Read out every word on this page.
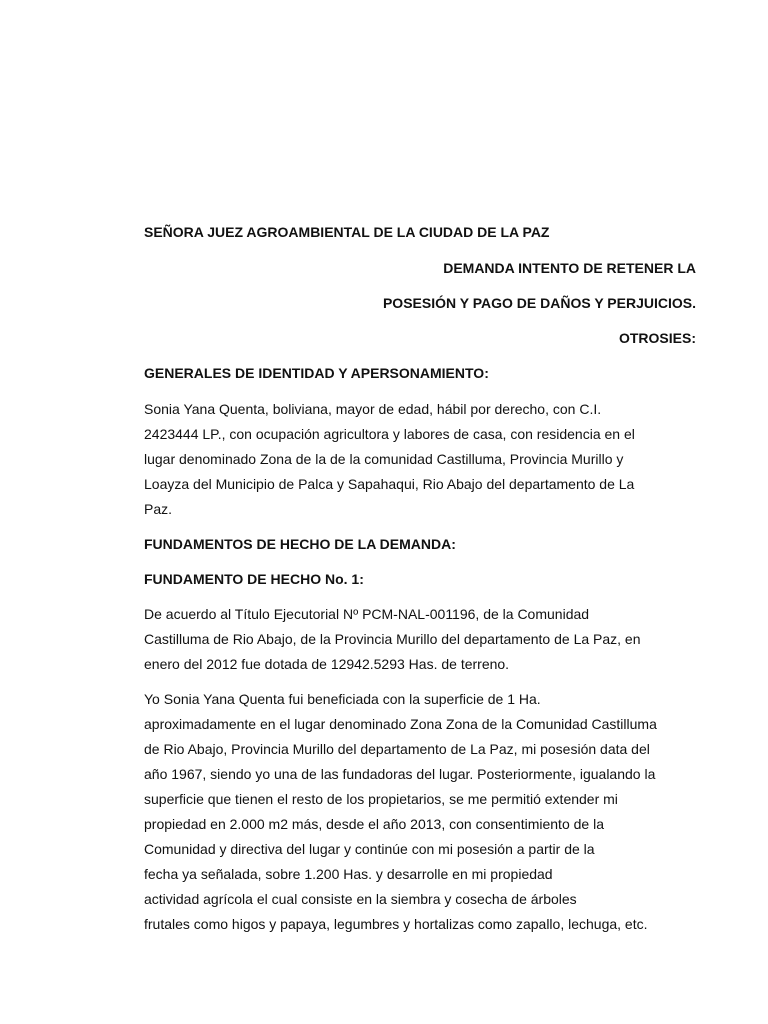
SEÑORA JUEZ AGROAMBIENTAL DE LA CIUDAD DE LA PAZ
DEMANDA INTENTO DE RETENER LA
POSESIÓN Y PAGO DE DAÑOS Y PERJUICIOS.
OTROSIES:
GENERALES DE IDENTIDAD Y APERSONAMIENTO:
Sonia Yana Quenta, boliviana, mayor de edad, hábil por derecho, con C.I.
2423444 LP., con ocupación agricultora y labores de casa, con residencia en el
lugar denominado Zona de la de la comunidad Castilluma, Provincia Murillo y
Loayza del Municipio de Palca y Sapahaqui, Rio Abajo del departamento de La
Paz.
FUNDAMENTOS DE HECHO DE LA DEMANDA:
FUNDAMENTO DE HECHO No. 1:
De acuerdo al Título Ejecutorial Nº PCM-NAL-001196, de la Comunidad
Castilluma de Rio Abajo, de la Provincia Murillo del departamento de La Paz, en
enero del 2012 fue dotada de 12942.5293 Has. de terreno.
Yo Sonia Yana Quenta fui beneficiada con la superficie de 1 Ha.
aproximadamente en el lugar denominado Zona Zona de la Comunidad Castilluma
de Rio Abajo, Provincia Murillo del departamento de La Paz, mi posesión data del
año 1967, siendo yo una de las fundadoras del lugar. Posteriormente, igualando la
superficie que tienen el resto de los propietarios, se me permitió extender mi
propiedad en 2.000 m2 más, desde el año 2013, con consentimiento de la
Comunidad y directiva del lugar y continúe con mi posesión a partir de la
fecha ya señalada, sobre 1.200 Has. y desarrolle en mi propiedad
actividad agrícola el cual consiste en la siembra y cosecha de árboles
frutales como higos y papaya, legumbres y hortalizas como zapallo, lechuga, etc.
